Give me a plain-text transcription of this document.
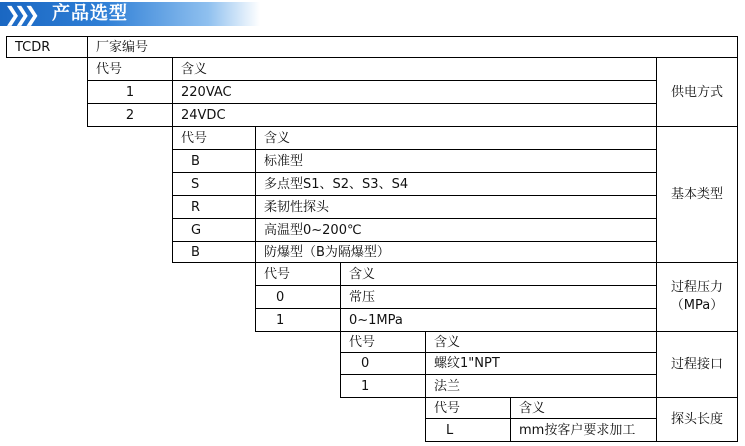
❯❯❯ 产品选型
TCDR	厂家编号
代号	含义
1	220VAC
2	24VDC
供电方式
代号	含义
B	标准型
S	多点型S1、S2、S3、S4
R	柔韧性探头
G	高温型0~200℃
B	防爆型（B为隔爆型）
基本类型
代号	含义
0	常压
1	0~1MPa
过程压力
（MPa）
代号	含义
0	螺纹1"NPT
1	法兰
过程接口
代号	含义
L	mm按客户要求加工
探头长度
